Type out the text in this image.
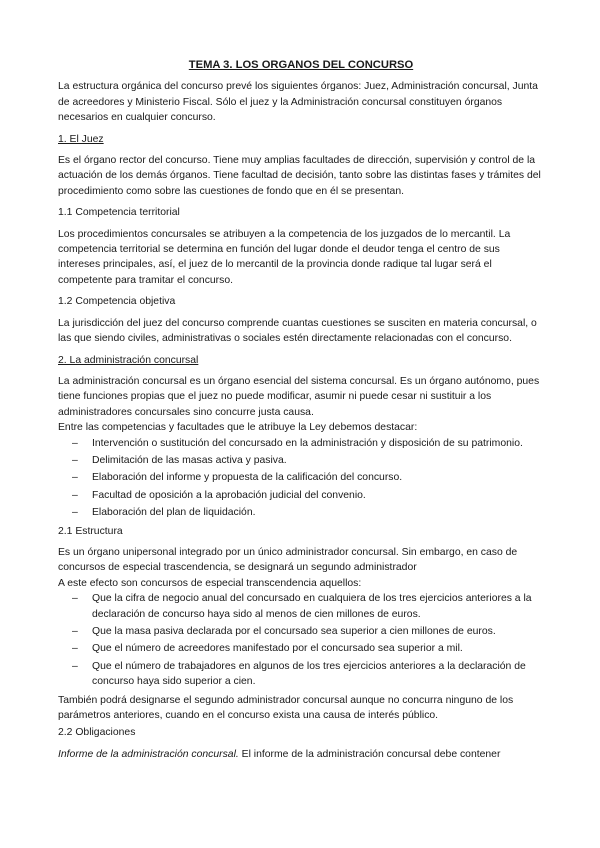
TEMA 3. LOS ORGANOS DEL CONCURSO

La estructura orgánica del concurso prevé los siguientes órganos: Juez, Administración concursal, Junta de acreedores y Ministerio Fiscal. Sólo el juez y la Administración concursal constituyen órganos necesarios en cualquier concurso.

1. El Juez

Es el órgano rector del concurso. Tiene muy amplias facultades de dirección, supervisión y control de la actuación de los demás órganos. Tiene facultad de decisión, tanto sobre las distintas fases y trámites del procedimiento como sobre las cuestiones de fondo que en él se presentan.

1.1 Competencia territorial

Los procedimientos concursales se atribuyen a la competencia de los juzgados de lo mercantil. La competencia territorial se determina en función del lugar donde el deudor tenga el centro de sus intereses principales, así, el juez de lo mercantil de la provincia donde radique tal lugar será el competente para tramitar el concurso.

1.2 Competencia objetiva

La jurisdicción del juez del concurso comprende cuantas cuestiones se susciten en materia concursal, o las que siendo civiles, administrativas o sociales estén directamente relacionadas con el concurso.

2. La administración concursal

La administración concursal es un órgano esencial del sistema concursal. Es un órgano autónomo, pues tiene funciones propias que el juez no puede modificar, asumir ni puede cesar ni sustituir a los administradores concursales sino concurre justa causa.

Entre las competencias y facultades que le atribuye la Ley debemos destacar:

– Intervención o sustitución del concursado en la administración y disposición de su patrimonio.
– Delimitación de las masas activa y pasiva.
– Elaboración del informe y propuesta de la calificación del concurso.
– Facultad de oposición a la aprobación judicial del convenio.
– Elaboración del plan de liquidación.

2.1 Estructura

Es un órgano unipersonal integrado por un único administrador concursal. Sin embargo, en caso de concursos de especial trascendencia, se designará un segundo administrador

A este efecto son concursos de especial transcendencia aquellos:

– Que la cifra de negocio anual del concursado en cualquiera de los tres ejercicios anteriores a la declaración de concurso haya sido al menos de cien millones de euros.
– Que la masa pasiva declarada por el concursado sea superior a cien millones de euros.
– Que el número de acreedores manifestado por el concursado sea superior a mil.
– Que el número de trabajadores en algunos de los tres ejercicios anteriores a la declaración de concurso haya sido superior a cien.

También podrá designarse el segundo administrador concursal aunque no concurra ninguno de los parámetros anteriores, cuando en el concurso exista una causa de interés público.

2.2 Obligaciones

Informe de la administración concursal. El informe de la administración concursal debe contener
